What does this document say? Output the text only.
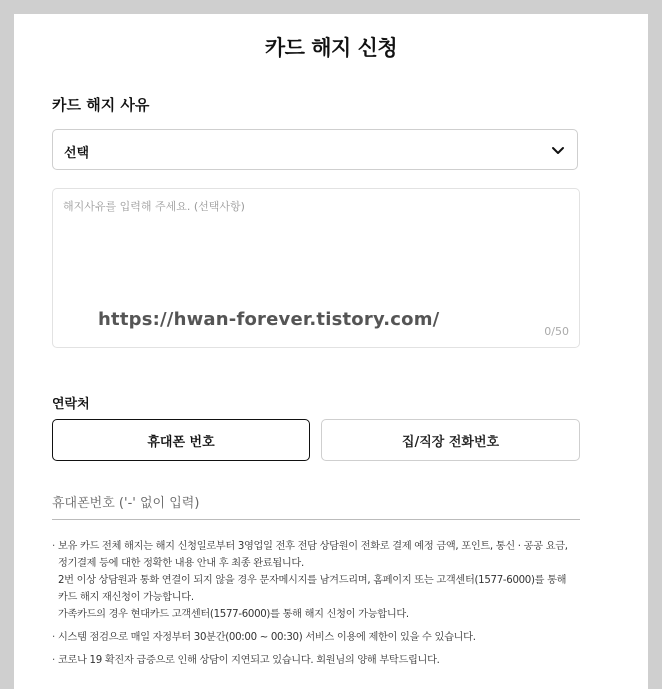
카드 해지 신청
카드 해지 사유
선택
해지사유를 입력해 주세요. (선택사항)
https://hwan-forever.tistory.com/
0/50
연락처
휴대폰 번호	집/직장 전화번호
휴대폰번호 ('-' 없이 입력)
· 보유 카드 전체 해지는 해지 신청일로부터 3영업일 전후 전담 상담원이 전화로 결제 예정 금액, 포인트, 통신 · 공공 요금,
정기결제 등에 대한 정확한 내용 안내 후 최종 완료됩니다.
2번 이상 상담원과 통화 연결이 되지 않을 경우 문자메시지를 남겨드리며, 홈페이지 또는 고객센터(1577-6000)를 통해
카드 해지 재신청이 가능합니다.
가족카드의 경우 현대카드 고객센터(1577-6000)를 통해 해지 신청이 가능합니다.
· 시스템 점검으로 매일 자정부터 30분간(00:00 ~ 00:30) 서비스 이용에 제한이 있을 수 있습니다.
· 코로나 19 확진자 급증으로 인해 상담이 지연되고 있습니다. 회원님의 양해 부탁드립니다.
